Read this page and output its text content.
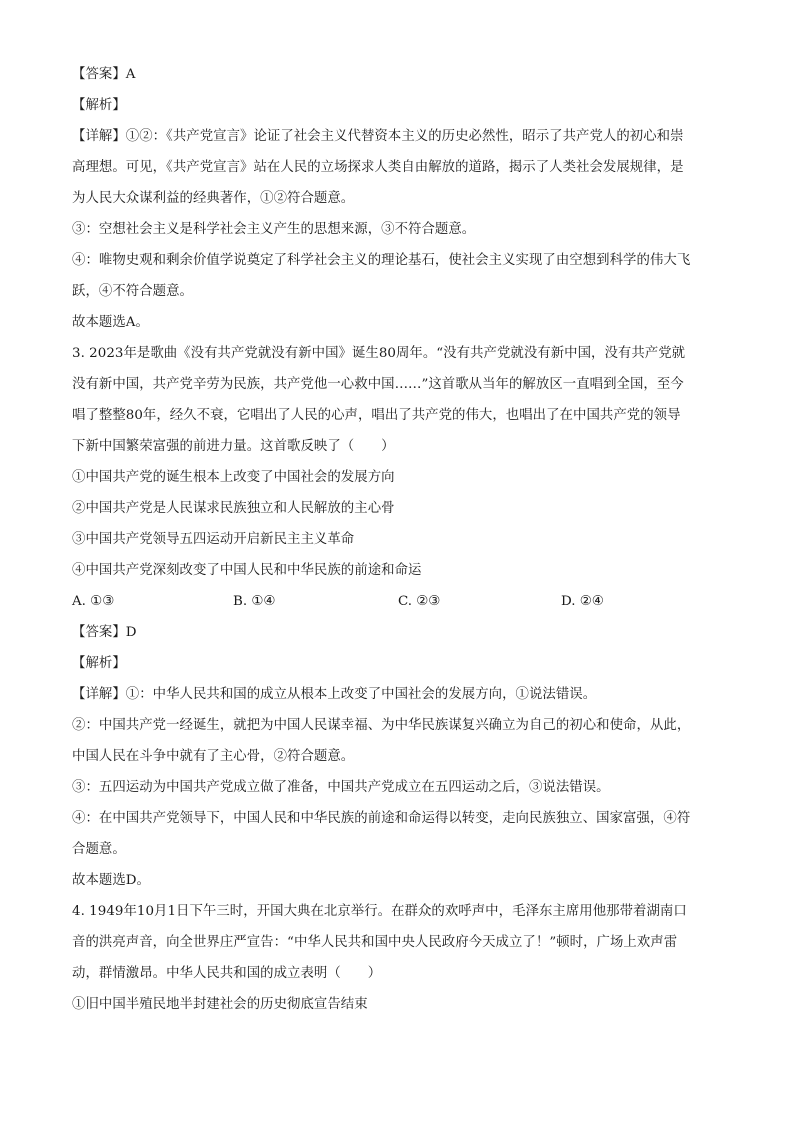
【答案】A
【解析】
【详解】①②：《共产党宣言》论证了社会主义代替资本主义的历史必然性，昭示了共产党人的初心和崇
高理想。可见，《共产党宣言》站在人民的立场探求人类自由解放的道路，揭示了人类社会发展规律，是
为人民大众谋利益的经典著作，①②符合题意。
③：空想社会主义是科学社会主义产生的思想来源，③不符合题意。
④：唯物史观和剩余价值学说奠定了科学社会主义的理论基石，使社会主义实现了由空想到科学的伟大飞
跃，④不符合题意。
故本题选A。
3. 2023年是歌曲《没有共产党就没有新中国》诞生80周年。“没有共产党就没有新中国，没有共产党就
没有新中国，共产党辛劳为民族，共产党他一心救中国……”这首歌从当年的解放区一直唱到全国，至今
唱了整整80年，经久不衰，它唱出了人民的心声，唱出了共产党的伟大，也唱出了在中国共产党的领导
下新中国繁荣富强的前进力量。这首歌反映了（　　）
①中国共产党的诞生根本上改变了中国社会的发展方向
②中国共产党是人民谋求民族独立和人民解放的主心骨
③中国共产党领导五四运动开启新民主主义革命
④中国共产党深刻改变了中国人民和中华民族的前途和命运
A. ①③	B. ①④	C. ②③	D. ②④
【答案】D
【解析】
【详解】①：中华人民共和国的成立从根本上改变了中国社会的发展方向，①说法错误。
②：中国共产党一经诞生，就把为中国人民谋幸福、为中华民族谋复兴确立为自己的初心和使命，从此，
中国人民在斗争中就有了主心骨，②符合题意。
③：五四运动为中国共产党成立做了准备，中国共产党成立在五四运动之后，③说法错误。
④：在中国共产党领导下，中国人民和中华民族的前途和命运得以转变，走向民族独立、国家富强，④符
合题意。
故本题选D。
4. 1949年10月1日下午三时，开国大典在北京举行。在群众的欢呼声中，毛泽东主席用他那带着湖南口
音的洪亮声音，向全世界庄严宣告：“中华人民共和国中央人民政府今天成立了！”顿时，广场上欢声雷
动，群情激昂。中华人民共和国的成立表明（　　）
①旧中国半殖民地半封建社会的历史彻底宣告结束
